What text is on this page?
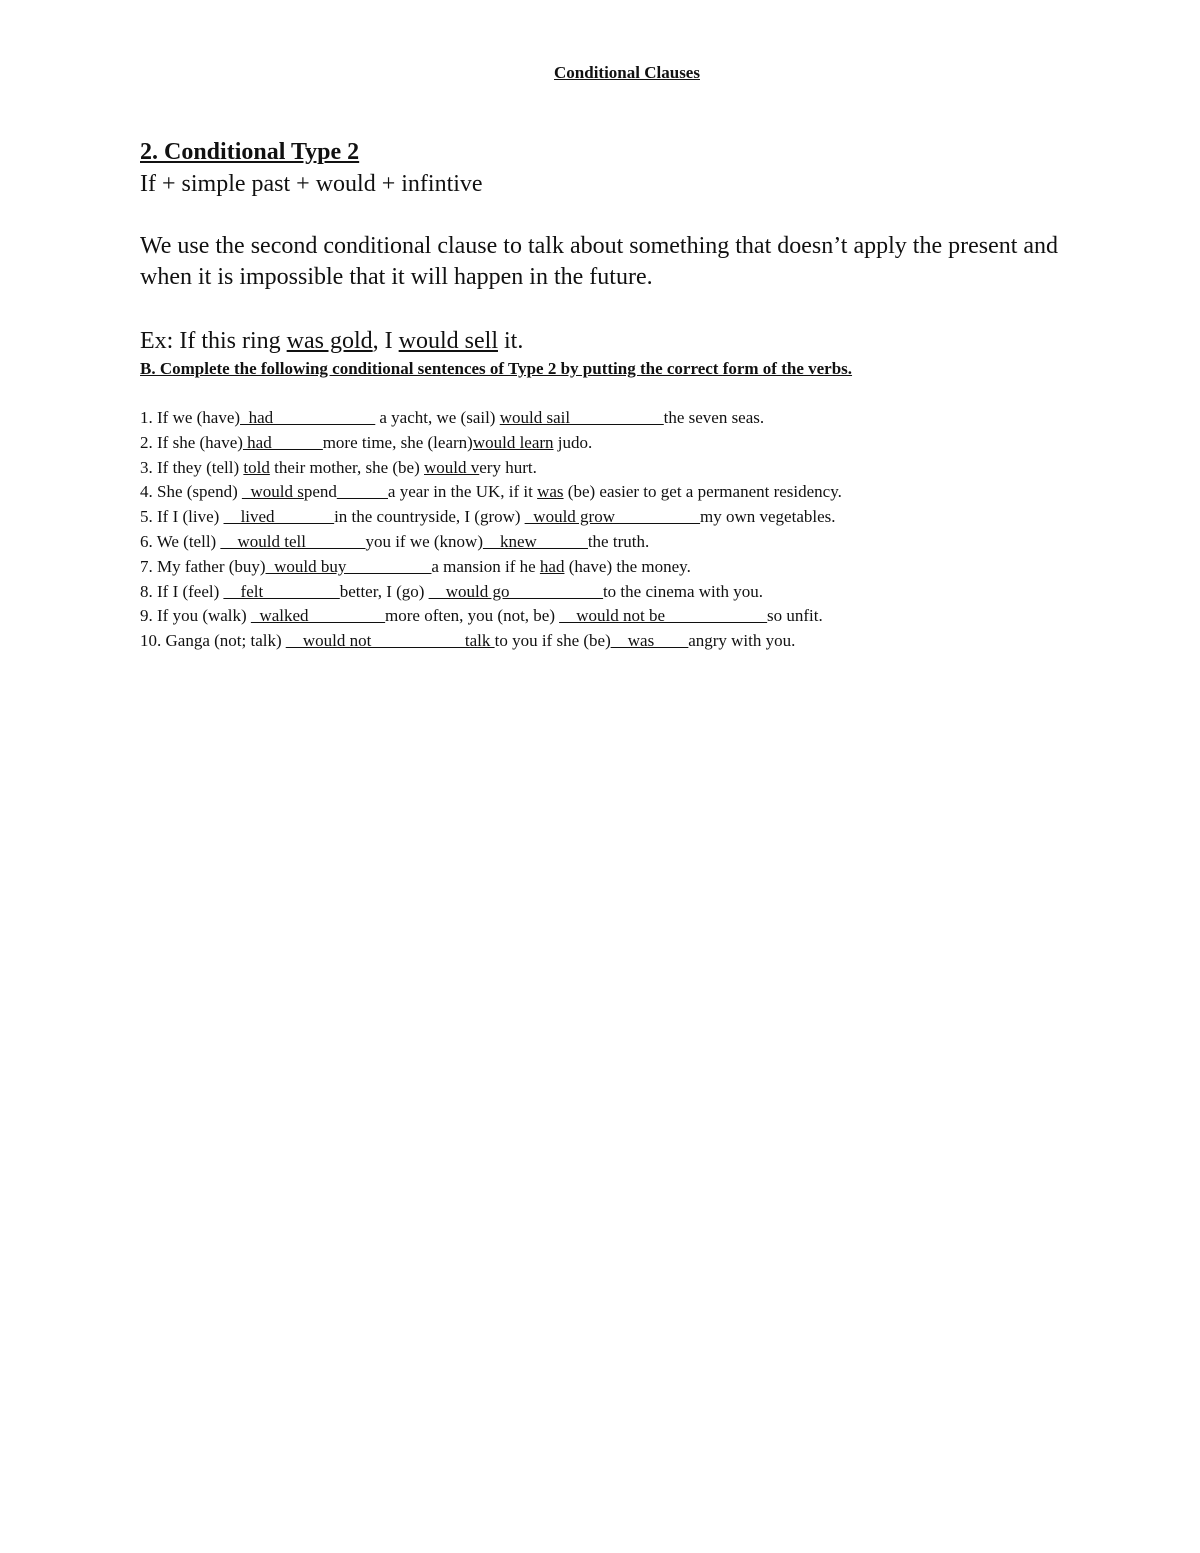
Conditional Clauses
2. Conditional Type 2
If + simple past + would + infintive
We use the second conditional clause to talk about something that doesn’t apply the present and when it is impossible that it will happen in the future.
Ex: If this ring was gold, I would sell it.
B. Complete the following conditional sentences of Type 2 by putting the correct form of the verbs.
1. If we (have)_had____________ a yacht, we (sail) would sail___________the seven seas.
2. If she (have) had______more time, she (learn)would learn judo.
3. If they (tell) told their mother, she (be) would very hurt.
4. She (spend) _would spend______a year in the UK, if it was (be) easier to get a permanent residency.
5. If I (live) __lived_______in the countryside, I (grow) _would grow__________my own vegetables.
6. We (tell) __would tell_______you if we (know)__knew______the truth.
7. My father (buy)_would buy__________a mansion if he had (have) the money.
8. If I (feel) __felt_________better, I (go) __would go___________to the cinema with you.
9. If you (walk) _walked_________more often, you (not, be) __would not be____________so unfit.
10. Ganga (not; talk) __would not___________talk to you if she (be)__was____angry with you.
